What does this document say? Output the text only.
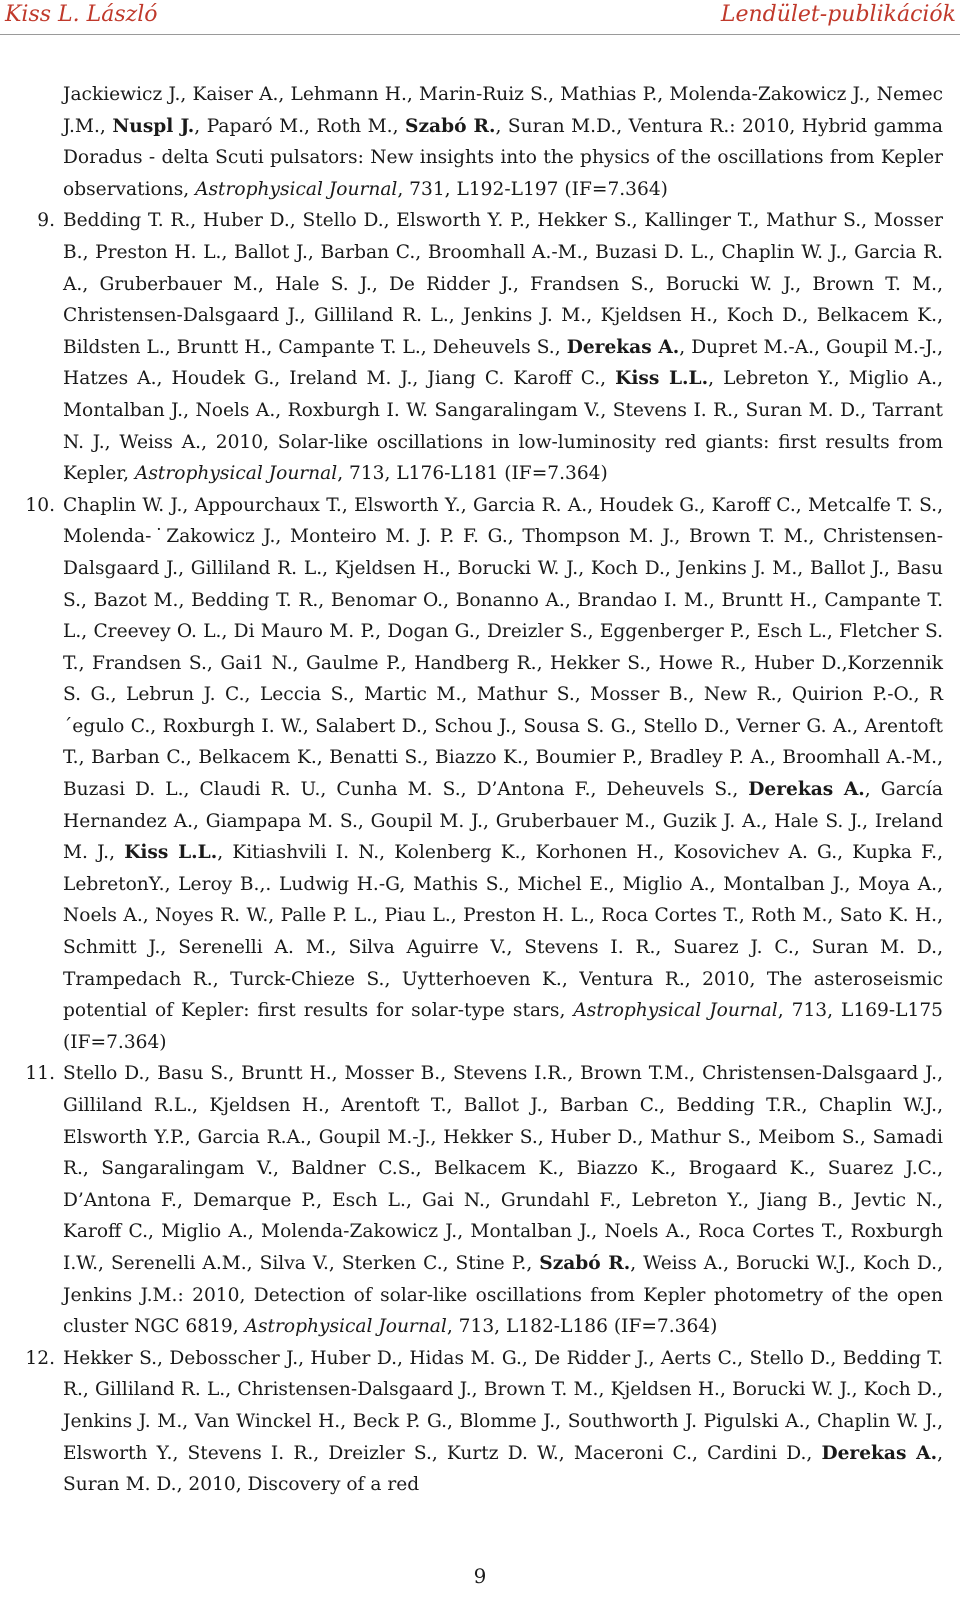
Kiss L. László	Lendület-publikációk
Jackiewicz J., Kaiser A., Lehmann H., Marin-Ruiz S., Mathias P., Molenda-Zakowicz J., Nemec J.M., Nuspl J., Paparó M., Roth M., Szabó R., Suran M.D., Ventura R.: 2010, Hybrid gamma Doradus - delta Scuti pulsators: New insights into the physics of the oscillations from Kepler observations, Astrophysical Journal, 731, L192-L197 (IF=7.364)
9. Bedding T. R., Huber D., Stello D., Elsworth Y. P., Hekker S., Kallinger T., Mathur S., Mosser B., Preston H. L., Ballot J., Barban C., Broomhall A.-M., Buzasi D. L., Chaplin W. J., Garcia R. A., Gruberbauer M., Hale S. J., De Ridder J., Frandsen S., Borucki W. J., Brown T. M., Christensen-Dalsgaard J., Gilliland R. L., Jenkins J. M., Kjeldsen H., Koch D., Belkacem K., Bildsten L., Bruntt H., Campante T. L., Deheuvels S., Derekas A., Dupret M.-A., Goupil M.-J., Hatzes A., Houdek G., Ireland M. J., Jiang C. Karoff C., Kiss L.L., Lebreton Y., Miglio A., Montalban J., Noels A., Roxburgh I. W. Sangaralingam V., Stevens I. R., Suran M. D., Tarrant N. J., Weiss A., 2010, Solar-like oscillations in low-luminosity red giants: first results from Kepler, Astrophysical Journal, 713, L176-L181 (IF=7.364)
10. Chaplin W. J., Appourchaux T., Elsworth Y., Garcia R. A., Houdek G., Karoff C., Metcalfe T. S., Molenda-˙Zakowicz J., Monteiro M. J. P. F. G., Thompson M. J., Brown T. M., Christensen-Dalsgaard J., Gilliland R. L., Kjeldsen H., Borucki W. J., Koch D., Jenkins J. M., Ballot J., Basu S., Bazot M., Bedding T. R., Benomar O., Bonanno A., Brandao I. M., Bruntt H., Campante T. L., Creevey O. L., Di Mauro M. P., Dogan G., Dreizler S., Eggenberger P., Esch L., Fletcher S. T., Frandsen S., Gai1 N., Gaulme P., Handberg R., Hekker S., Howe R., Huber D.,Korzennik S. G., Lebrun J. C., Leccia S., Martic M., Mathur S., Mosser B., New R., Quirion P.-O., R´egulo C., Roxburgh I. W., Salabert D., Schou J., Sousa S. G., Stello D., Verner G. A., Arentoft T., Barban C., Belkacem K., Benatti S., Biazzo K., Boumier P., Bradley P. A., Broomhall A.-M., Buzasi D. L., Claudi R. U., Cunha M. S., D’Antona F., Deheuvels S., Derekas A., García Hernandez A., Giampapa M. S., Goupil M. J., Gruberbauer M., Guzik J. A., Hale S. J., Ireland M. J., Kiss L.L., Kitiashvili I. N., Kolenberg K., Korhonen H., Kosovichev A. G., Kupka F., LebretonY., Leroy B.,. Ludwig H.-G, Mathis S., Michel E., Miglio A., Montalban J., Moya A., Noels A., Noyes R. W., Palle P. L., Piau L., Preston H. L., Roca Cortes T., Roth M., Sato K. H., Schmitt J., Serenelli A. M., Silva Aguirre V., Stevens I. R., Suarez J. C., Suran M. D., Trampedach R., Turck-Chieze S., Uytterhoeven K., Ventura R., 2010, The asteroseismic potential of Kepler: first results for solar-type stars, Astrophysical Journal, 713, L169-L175 (IF=7.364)
11. Stello D., Basu S., Bruntt H., Mosser B., Stevens I.R., Brown T.M., Christensen-Dalsgaard J., Gilliland R.L., Kjeldsen H., Arentoft T., Ballot J., Barban C., Bedding T.R., Chaplin W.J., Elsworth Y.P., Garcia R.A., Goupil M.-J., Hekker S., Huber D., Mathur S., Meibom S., Samadi R., Sangaralingam V., Baldner C.S., Belkacem K., Biazzo K., Brogaard K., Suarez J.C., D’Antona F., Demarque P., Esch L., Gai N., Grundahl F., Lebreton Y., Jiang B., Jevtic N., Karoff C., Miglio A., Molenda-Zakowicz J., Montalban J., Noels A., Roca Cortes T., Roxburgh I.W., Serenelli A.M., Silva V., Sterken C., Stine P., Szabó R., Weiss A., Borucki W.J., Koch D., Jenkins J.M.: 2010, Detection of solar-like oscillations from Kepler photometry of the open cluster NGC 6819, Astrophysical Journal, 713, L182-L186 (IF=7.364)
12. Hekker S., Debosscher J., Huber D., Hidas M. G., De Ridder J., Aerts C., Stello D., Bedding T. R., Gilliland R. L., Christensen-Dalsgaard J., Brown T. M., Kjeldsen H., Borucki W. J., Koch D., Jenkins J. M., Van Winckel H., Beck P. G., Blomme J., Southworth J. Pigulski A., Chaplin W. J., Elsworth Y., Stevens I. R., Dreizler S., Kurtz D. W., Maceroni C., Cardini D., Derekas A., Suran M. D., 2010, Discovery of a red
9
